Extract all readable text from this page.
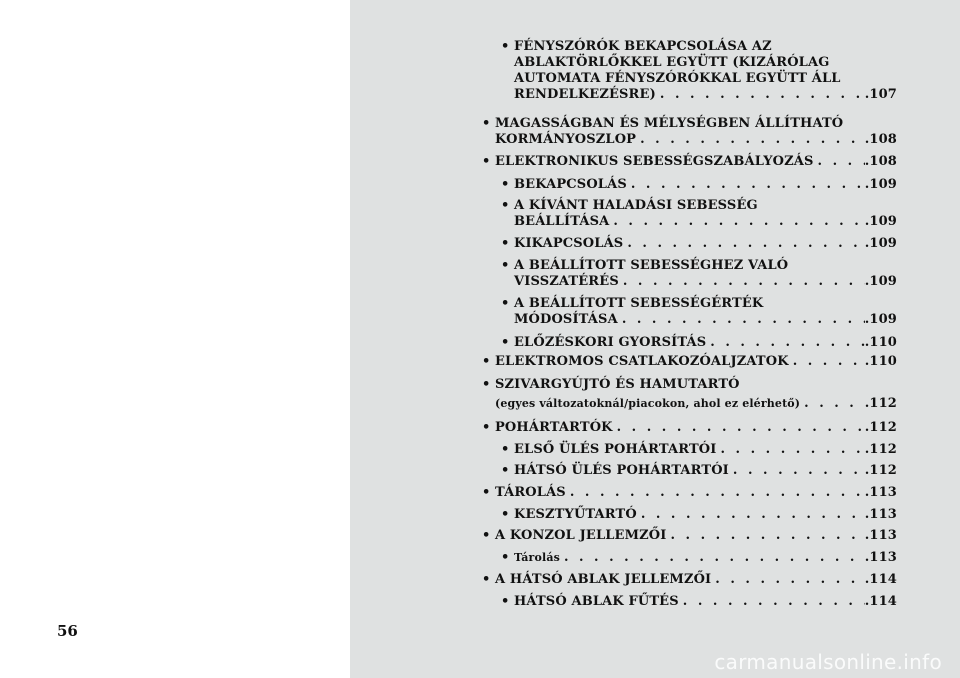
56
• FÉNYSZÓRÓK BEKAPCSOLÁSA AZ
ABLAKTÖRLŐKKEL EGYÜTT (KIZÁRÓLAG
AUTOMATA FÉNYSZÓRÓKKAL EGYÜTT ÁLL
RENDELKEZÉSRE) . . .	.107
• MAGASSÁGBAN ÉS MÉLYSÉGBEN ÁLLÍTHATÓ
KORMÁNYOSZLOP . . .	.108
• ELEKTRONIKUS SEBESSÉGSZABÁLYOZÁS . . .	.108
• BEKAPCSOLÁS . . .	.109
• A KÍVÁNT HALADÁSI SEBESSÉG
BEÁLLÍTÁSA . . .	.109
• KIKAPCSOLÁS . . .	.109
• A BEÁLLÍTOTT SEBESSÉGHEZ VALÓ
VISSZATÉRÉS . . .	.109
• A BEÁLLÍTOTT SEBESSÉGÉRTÉK
MÓDOSÍTÁSA . . .	.109
• ELŐZÉSKORI GYORSÍTÁS . . .	.110
• ELEKTROMOS CSATLAKOZÓALJZATOK . . .	.110
• SZIVARGYÚJTÓ ÉS HAMUTARTÓ
(egyes változatoknál/piacokon, ahol ez elérhető) . . .	.112
• POHÁRTARTÓK . . .	.112
• ELSŐ ÜLÉS POHÁRTARTÓI . . .	.112
• HÁTSÓ ÜLÉS POHÁRTARTÓI . . .	.112
• TÁROLÁS . . .	.113
• KESZTYŰTARTÓ . . .	.113
• A KONZOL JELLEMZŐI . . .	.113
• Tárolás . . .	.113
• A HÁTSÓ ABLAK JELLEMZŐI . . .	.114
• HÁTSÓ ABLAK FŰTÉS . . .	.114
carmanualsonline.info
